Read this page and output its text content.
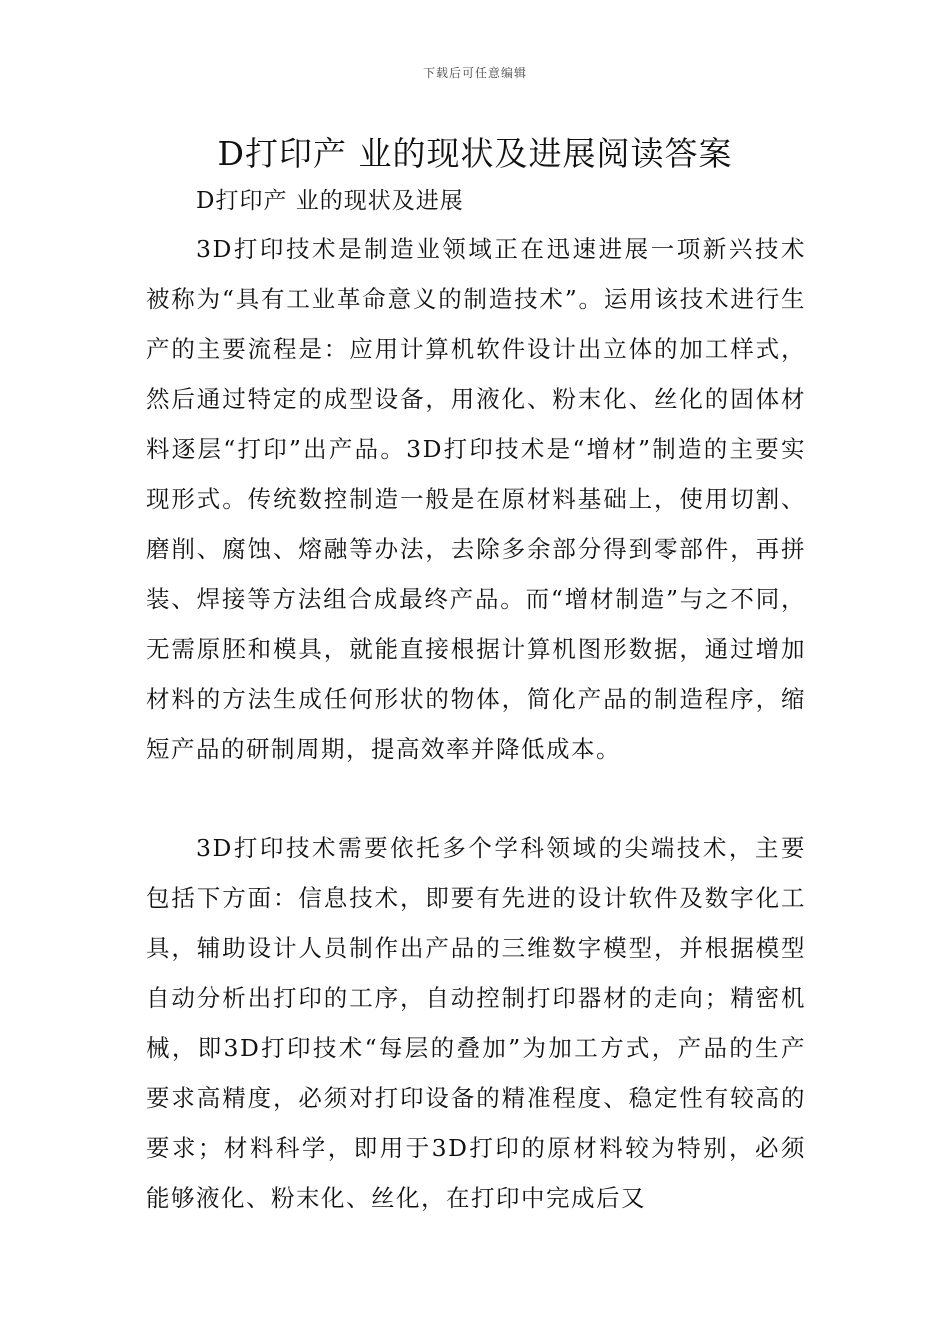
下载后可任意编辑
D打印产 业的现状及进展阅读答案
D打印产 业的现状及进展

3D打印技术是制造业领域正在迅速进展一项新兴技术被称为“具有工业革命意义的制造技术”。运用该技术进行生产的主要流程是：应用计算机软件设计出立体的加工样式，然后通过特定的成型设备，用液化、粉末化、丝化的固体材料逐层“打印”出产品。3D打印技术是“增材”制造的主要实现形式。传统数控制造一般是在原材料基础上，使用切割、磨削、腐蚀、熔融等办法，去除多余部分得到零部件，再拼装、焊接等方法组合成最终产品。而“增材制造”与之不同，无需原胚和模具，就能直接根据计算机图形数据，通过增加材料的方法生成任何形状的物体，简化产品的制造程序，缩短产品的研制周期，提高效率并降低成本。

3D打印技术需要依托多个学科领域的尖端技术，主要包括下方面：信息技术，即要有先进的设计软件及数字化工具，辅助设计人员制作出产品的三维数字模型，并根据模型自动分析出打印的工序，自动控制打印器材的走向；精密机械，即3D打印技术“每层的叠加”为加工方式，产品的生产要求高精度，必须对打印设备的精准程度、稳定性有较高的要求；材料科学，即用于3D打印的原材料较为特别，必须能够液化、粉末化、丝化，在打印中完成后又
